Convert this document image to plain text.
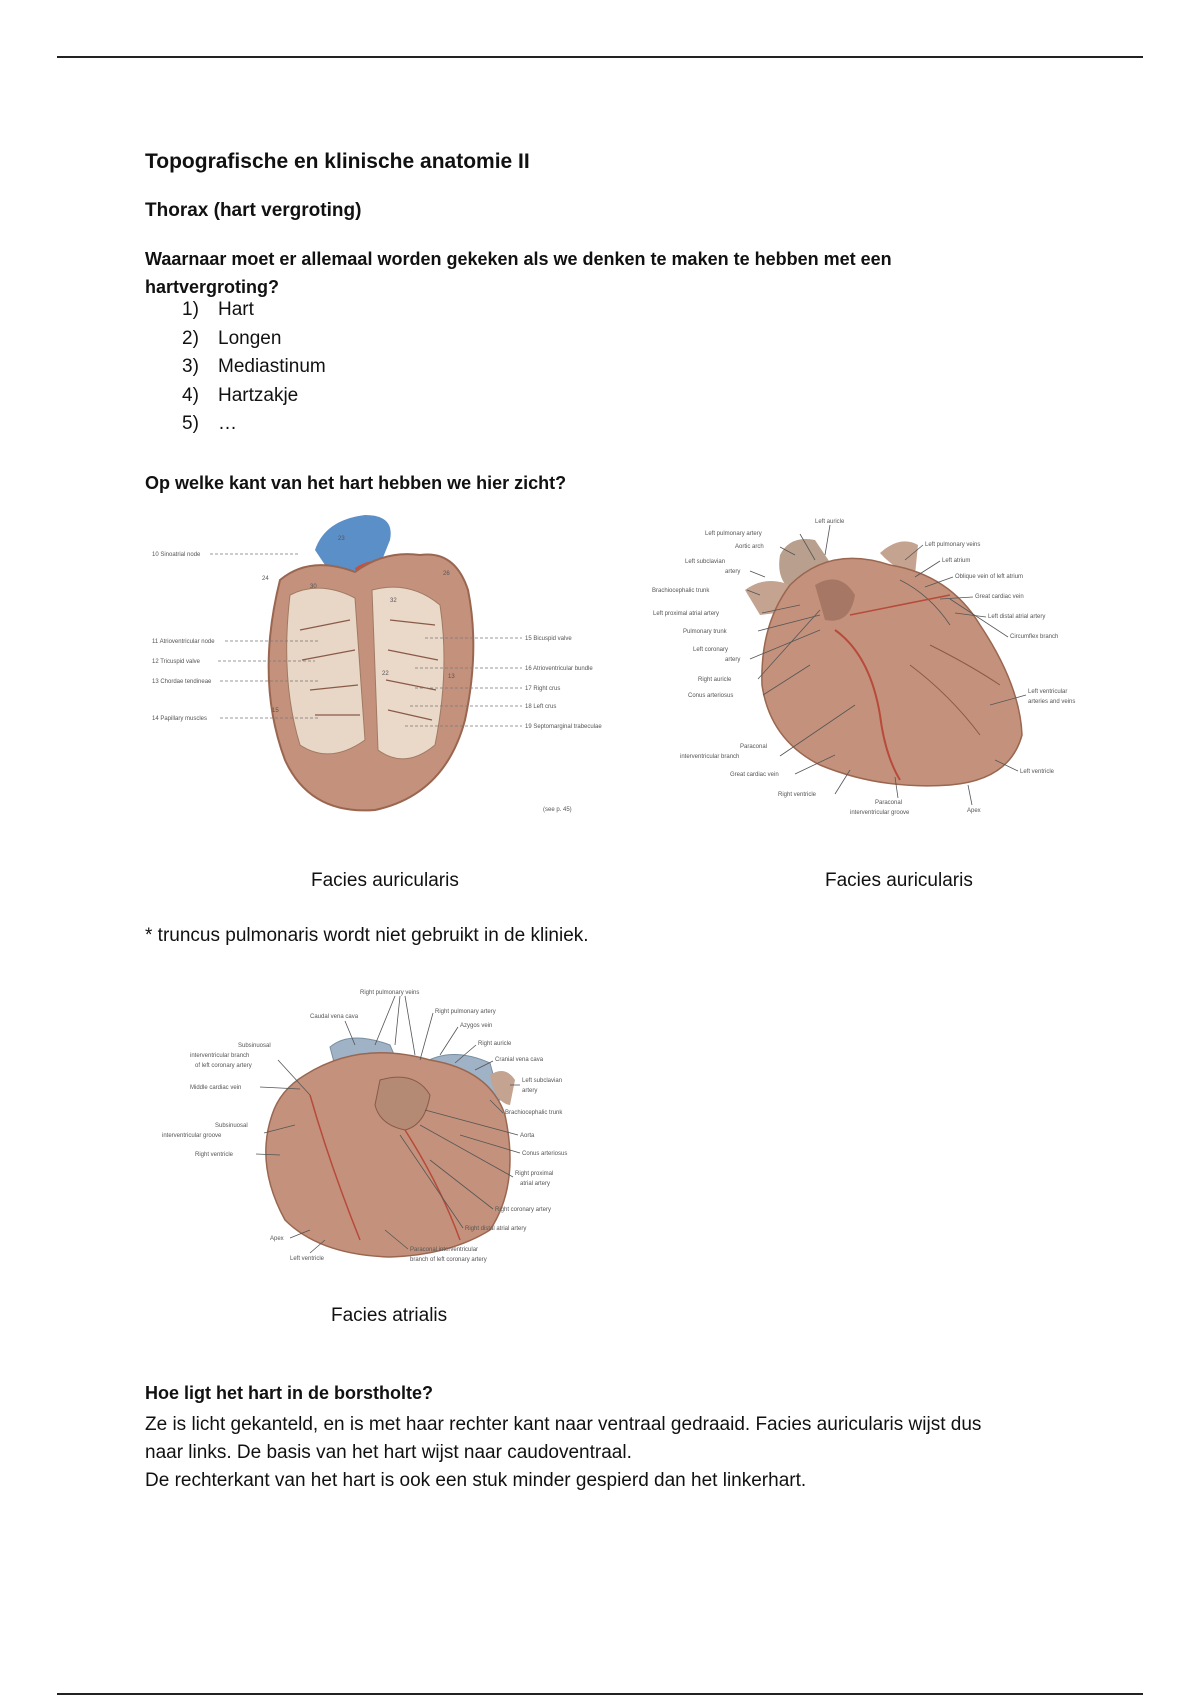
Topografische en klinische anatomie II
Thorax (hart vergroting)
Waarnaar moet er allemaal worden gekeken als we denken te maken te hebben met een hartvergroting?
1)	Hart
2)	Longen
3)	Mediastinum
4)	Hartzakje
5)	…
Op welke kant van het hart hebben we hier zicht?
23
26
30
32
22	13
15
24
10 Sinoatrial node
11 Atrioventricular node
12 Tricuspid valve
13 Chordae tendineae
14 Papillary muscles
15 Bicuspid valve
16 Atrioventricular bundle
17 Right crus
18 Left crus
19 Septomarginal trabeculae
(see p. 45)
Left auricle
Left pulmonary artery
Aortic arch
Left subclavian
artery
Brachiocephalic trunk
Left proximal atrial artery
Pulmonary trunk
Left coronary
artery
Right auricle
Conus arteriosus
Paraconal
interventricular branch
Great cardiac vein
Right ventricle
Left pulmonary veins
Left atrium
Oblique vein of left atrium
Great cardiac vein
Left distal atrial artery
Circumflex branch
Left ventricular
arteries and veins
Left ventricle
Paraconal
interventricular groove	Apex
Facies auricularis	Facies auricularis
* truncus pulmonaris wordt niet gebruikt in de kliniek.
Right pulmonary veins
Caudal vena cava
Right pulmonary artery
Azygos vein
Subsinuosal
interventricular branch
of left coronary artery
Middle cardiac vein
Subsinuosal
interventricular groove
Right ventricle
Apex
Left ventricle
Right auricle
Cranial vena cava
Left subclavian
artery
Brachiocephalic trunk
Aorta
Conus arteriosus
Right proximal
atrial artery
Right coronary artery
Right distal atrial artery
Paraconal interventricular
branch of left coronary artery
Facies atrialis
Hoe ligt het hart in de borstholte?
Ze is licht gekanteld, en is met haar rechter kant naar ventraal gedraaid. Facies auricularis wijst dus
naar links. De basis van het hart wijst naar caudoventraal.
De rechterkant van het hart is ook een stuk minder gespierd dan het linkerhart.
